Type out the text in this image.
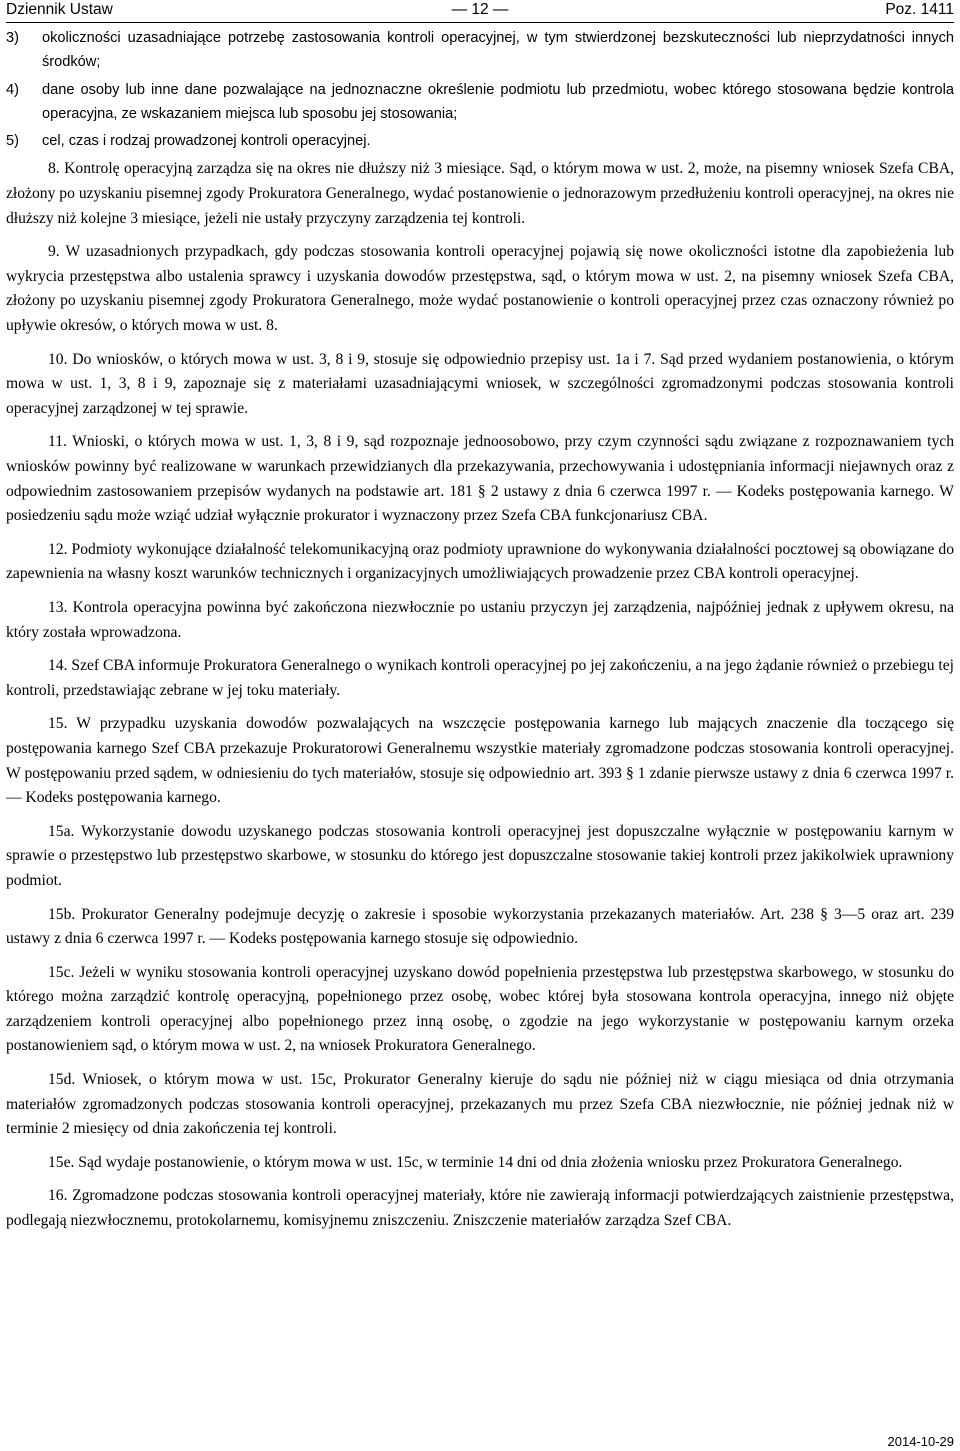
Dziennik Ustaw	— 12 —	Poz. 1411
3) okoliczności uzasadniające potrzebę zastosowania kontroli operacyjnej, w tym stwierdzonej bezskuteczności lub nieprzydatności innych środków;
4) dane osoby lub inne dane pozwalające na jednoznaczne określenie podmiotu lub przedmiotu, wobec którego stosowana będzie kontrola operacyjna, ze wskazaniem miejsca lub sposobu jej stosowania;
5) cel, czas i rodzaj prowadzonej kontroli operacyjnej.

8. Kontrolę operacyjną zarządza się na okres nie dłuższy niż 3 miesiące. Sąd, o którym mowa w ust. 2, może, na pisemny wniosek Szefa CBA, złożony po uzyskaniu pisemnej zgody Prokuratora Generalnego, wydać postanowienie o jednorazowym przedłużeniu kontroli operacyjnej, na okres nie dłuższy niż kolejne 3 miesiące, jeżeli nie ustały przyczyny zarządzenia tej kontroli.

9. W uzasadnionych przypadkach, gdy podczas stosowania kontroli operacyjnej pojawią się nowe okoliczności istotne dla zapobieżenia lub wykrycia przestępstwa albo ustalenia sprawcy i uzyskania dowodów przestępstwa, sąd, o którym mowa w ust. 2, na pisemny wniosek Szefa CBA, złożony po uzyskaniu pisemnej zgody Prokuratora Generalnego, może wydać postanowienie o kontroli operacyjnej przez czas oznaczony również po upływie okresów, o których mowa w ust. 8.

10. Do wniosków, o których mowa w ust. 3, 8 i 9, stosuje się odpowiednio przepisy ust. 1a i 7. Sąd przed wydaniem postanowienia, o którym mowa w ust. 1, 3, 8 i 9, zapoznaje się z materiałami uzasadniającymi wniosek, w szczególności zgromadzonymi podczas stosowania kontroli operacyjnej zarządzonej w tej sprawie.

11. Wnioski, o których mowa w ust. 1, 3, 8 i 9, sąd rozpoznaje jednoosobowo, przy czym czynności sądu związane z rozpoznawaniem tych wniosków powinny być realizowane w warunkach przewidzianych dla przekazywania, przechowywania i udostępniania informacji niejawnych oraz z odpowiednim zastosowaniem przepisów wydanych na podstawie art. 181 § 2 ustawy z dnia 6 czerwca 1997 r. — Kodeks postępowania karnego. W posiedzeniu sądu może wziąć udział wyłącznie prokurator i wyznaczony przez Szefa CBA funkcjonariusz CBA.

12. Podmioty wykonujące działalność telekomunikacyjną oraz podmioty uprawnione do wykonywania działalności pocztowej są obowiązane do zapewnienia na własny koszt warunków technicznych i organizacyjnych umożliwiających prowadzenie przez CBA kontroli operacyjnej.

13. Kontrola operacyjna powinna być zakończona niezwłocznie po ustaniu przyczyn jej zarządzenia, najpóźniej jednak z upływem okresu, na który została wprowadzona.

14. Szef CBA informuje Prokuratora Generalnego o wynikach kontroli operacyjnej po jej zakończeniu, a na jego żądanie również o przebiegu tej kontroli, przedstawiając zebrane w jej toku materiały.

15. W przypadku uzyskania dowodów pozwalających na wszczęcie postępowania karnego lub mających znaczenie dla toczącego się postępowania karnego Szef CBA przekazuje Prokuratorowi Generalnemu wszystkie materiały zgromadzone podczas stosowania kontroli operacyjnej. W postępowaniu przed sądem, w odniesieniu do tych materiałów, stosuje się odpowiednio art. 393 § 1 zdanie pierwsze ustawy z dnia 6 czerwca 1997 r. — Kodeks postępowania karnego.

15a. Wykorzystanie dowodu uzyskanego podczas stosowania kontroli operacyjnej jest dopuszczalne wyłącznie w postępowaniu karnym w sprawie o przestępstwo lub przestępstwo skarbowe, w stosunku do którego jest dopuszczalne stosowanie takiej kontroli przez jakikolwiek uprawniony podmiot.

15b. Prokurator Generalny podejmuje decyzję o zakresie i sposobie wykorzystania przekazanych materiałów. Art. 238 § 3—5 oraz art. 239 ustawy z dnia 6 czerwca 1997 r. — Kodeks postępowania karnego stosuje się odpowiednio.

15c. Jeżeli w wyniku stosowania kontroli operacyjnej uzyskano dowód popełnienia przestępstwa lub przestępstwa skarbowego, w stosunku do którego można zarządzić kontrolę operacyjną, popełnionego przez osobę, wobec której była stosowana kontrola operacyjna, innego niż objęte zarządzeniem kontroli operacyjnej albo popełnionego przez inną osobę, o zgodzie na jego wykorzystanie w postępowaniu karnym orzeka postanowieniem sąd, o którym mowa w ust. 2, na wniosek Prokuratora Generalnego.

15d. Wniosek, o którym mowa w ust. 15c, Prokurator Generalny kieruje do sądu nie później niż w ciągu miesiąca od dnia otrzymania materiałów zgromadzonych podczas stosowania kontroli operacyjnej, przekazanych mu przez Szefa CBA niezwłocznie, nie później jednak niż w terminie 2 miesięcy od dnia zakończenia tej kontroli.

15e. Sąd wydaje postanowienie, o którym mowa w ust. 15c, w terminie 14 dni od dnia złożenia wniosku przez Prokuratora Generalnego.

16. Zgromadzone podczas stosowania kontroli operacyjnej materiały, które nie zawierają informacji potwierdzających zaistnienie przestępstwa, podlegają niezwłocznemu, protokolarnemu, komisyjnemu zniszczeniu. Zniszczenie materiałów zarządza Szef CBA.

2014-10-29
